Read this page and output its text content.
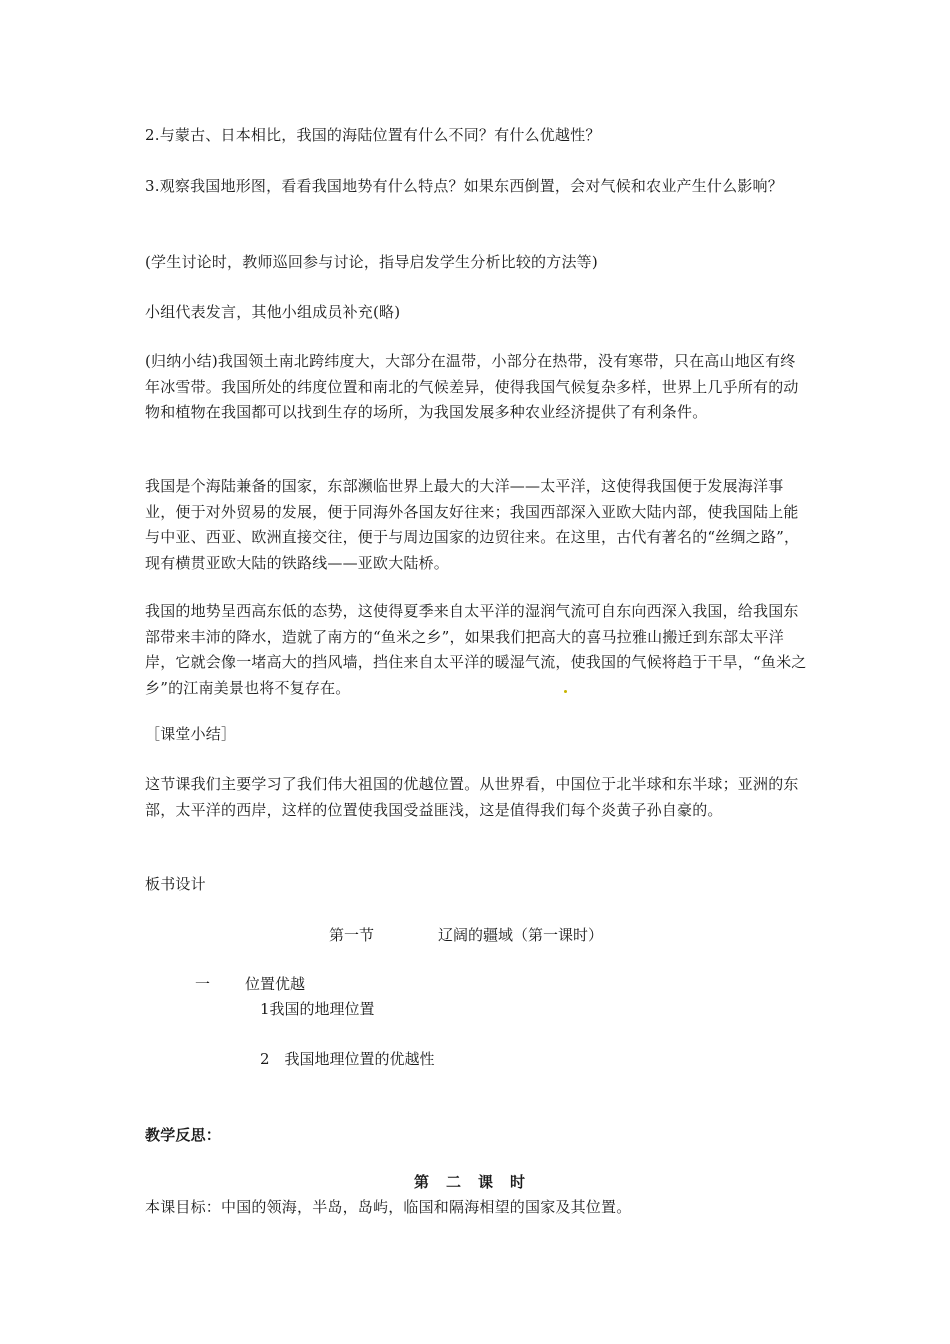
2.与蒙古、日本相比，我国的海陆位置有什么不同？有什么优越性？

3.观察我国地形图，看看我国地势有什么特点？如果东西倒置，会对气候和农业产生什么影响？

(学生讨论时，教师巡回参与讨论，指导启发学生分析比较的方法等)

小组代表发言，其他小组成员补充(略)

(归纳小结)我国领土南北跨纬度大，大部分在温带，小部分在热带，没有寒带，只在高山地区有终年冰雪带。我国所处的纬度位置和南北的气候差异，使得我国气候复杂多样，世界上几乎所有的动物和植物在我国都可以找到生存的场所，为我国发展多种农业经济提供了有利条件。

我国是个海陆兼备的国家，东部濒临世界上最大的大洋——太平洋，这使得我国便于发展海洋事业，便于对外贸易的发展，便于同海外各国友好往来；我国西部深入亚欧大陆内部，使我国陆上能与中亚、西亚、欧洲直接交往，便于与周边国家的边贸往来。在这里，古代有著名的“丝绸之路”，现有横贯亚欧大陆的铁路线——亚欧大陆桥。

我国的地势呈西高东低的态势，这使得夏季来自太平洋的湿润气流可自东向西深入我国，给我国东部带来丰沛的降水，造就了南方的“鱼米之乡”，如果我们把高大的喜马拉雅山搬迁到东部太平洋岸，它就会像一堵高大的挡风墙，挡住来自太平洋的暖湿气流，使我国的气候将趋于干旱，“鱼米之乡”的江南美景也将不复存在。

［课堂小结］

这节课我们主要学习了我们伟大祖国的优越位置。从世界看，中国位于北半球和东半球；亚洲的东部，太平洋的西岸，这样的位置使我国受益匪浅，这是值得我们每个炎黄子孙自豪的。

板书设计

第一节	辽阔的疆域（第一课时）

一 位置优越

1我国的地理位置

2　我国地理位置的优越性

教学反思：

第　二　课　时

本课目标：中国的领海，半岛，岛屿，临国和隔海相望的国家及其位置。
